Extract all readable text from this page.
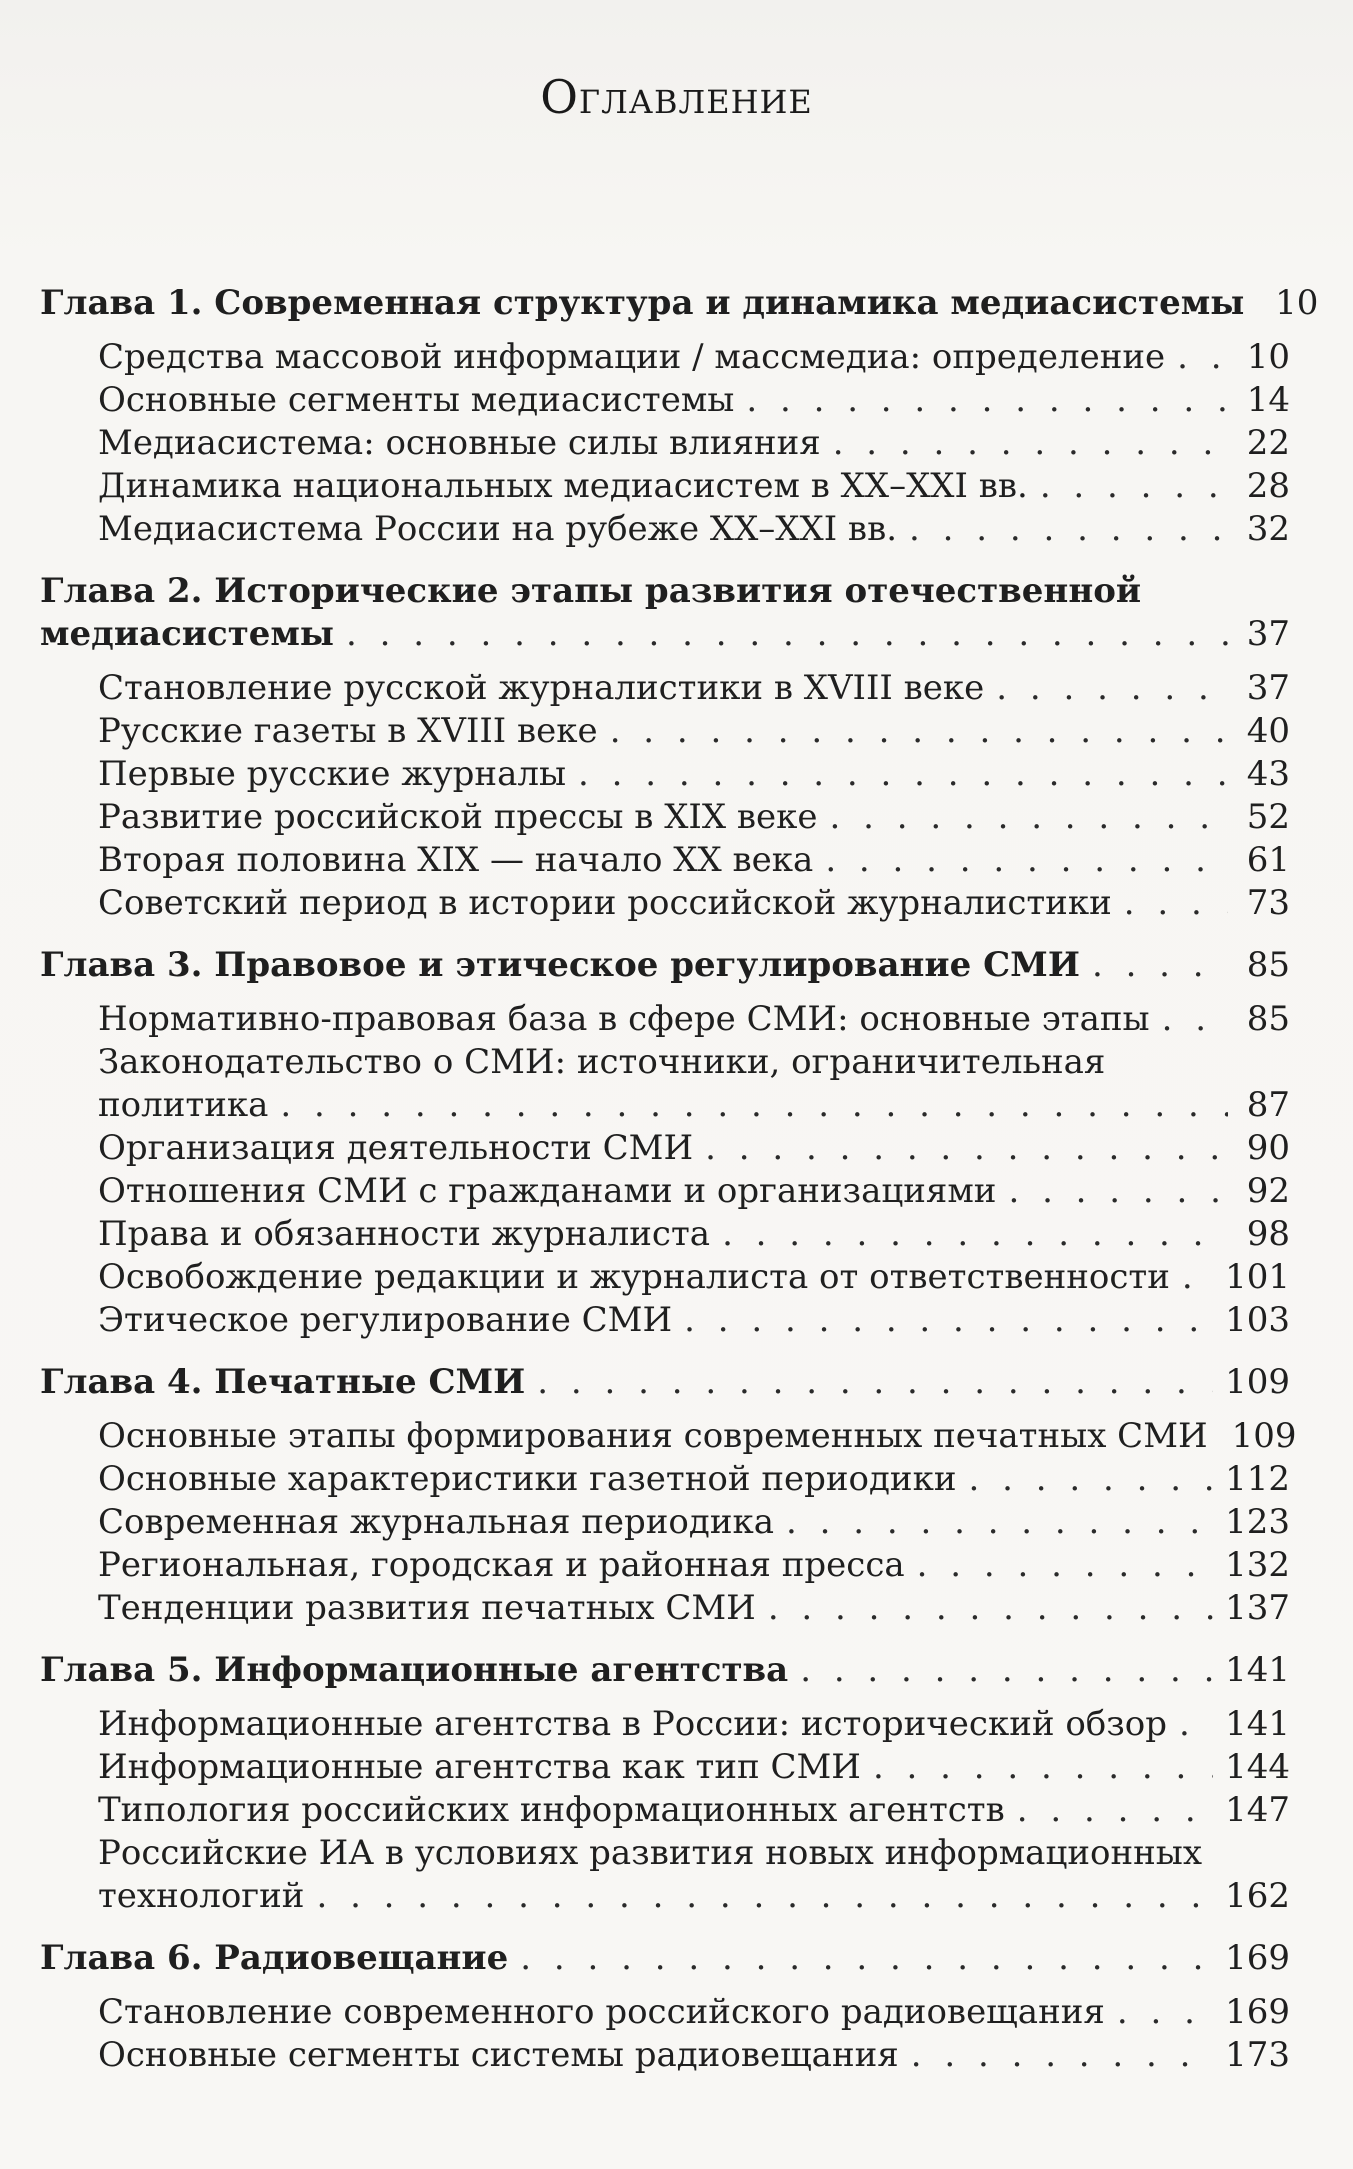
Оглавление
Глава 1. Современная структура и динамика медиасистемы 10
Средства массовой информации / массмедиа: определение . . . 10
Основные сегменты медиасистемы . . .	14
Медиасистема: основные силы влияния . . .	22
Динамика национальных медиасистем в XX–XXI вв. . . .	28
Медиасистема России на рубеже XX–XXI вв. . . .	32
Глава 2. Исторические этапы развития отечественной
медиасистемы . . .	37
Становление русской журналистики в XVIII веке . . .	37
Русские газеты в XVIII веке . . .	40
Первые русские журналы . . .	43
Развитие российской прессы в XIX веке . . .	52
Вторая половина XIX — начало XX века . . .	61
Советский период в истории российской журналистики . . .	73
Глава 3. Правовое и этическое регулирование СМИ . . .	85
Нормативно-правовая база в сфере СМИ: основные этапы . . .	85
Законодательство о СМИ: источники, ограничительная
политика . . .	87
Организация деятельности СМИ . . .	90
Отношения СМИ с гражданами и организациями . . .	92
Права и обязанности журналиста . . .	98
Освобождение редакции и журналиста от ответственности . . . 101
Этическое регулирование СМИ . . .	103
Глава 4. Печатные СМИ . . .	109
Основные этапы формирования современных печатных СМИ 109
Основные характеристики газетной периодики . . .	112
Современная журнальная периодика . . .	123
Региональная, городская и районная пресса . . .	132
Тенденции развития печатных СМИ . . .	137
Глава 5. Информационные агентства . . .	141
Информационные агентства в России: исторический обзор . . . 141
Информационные агентства как тип СМИ . . .	144
Типология российских информационных агентств . . .	147
Российские ИА в условиях развития новых информационных
технологий . . .	162
Глава 6. Радиовещание . . .	169
Становление современного российского радиовещания . . .	169
Основные сегменты системы радиовещания . . .	173
